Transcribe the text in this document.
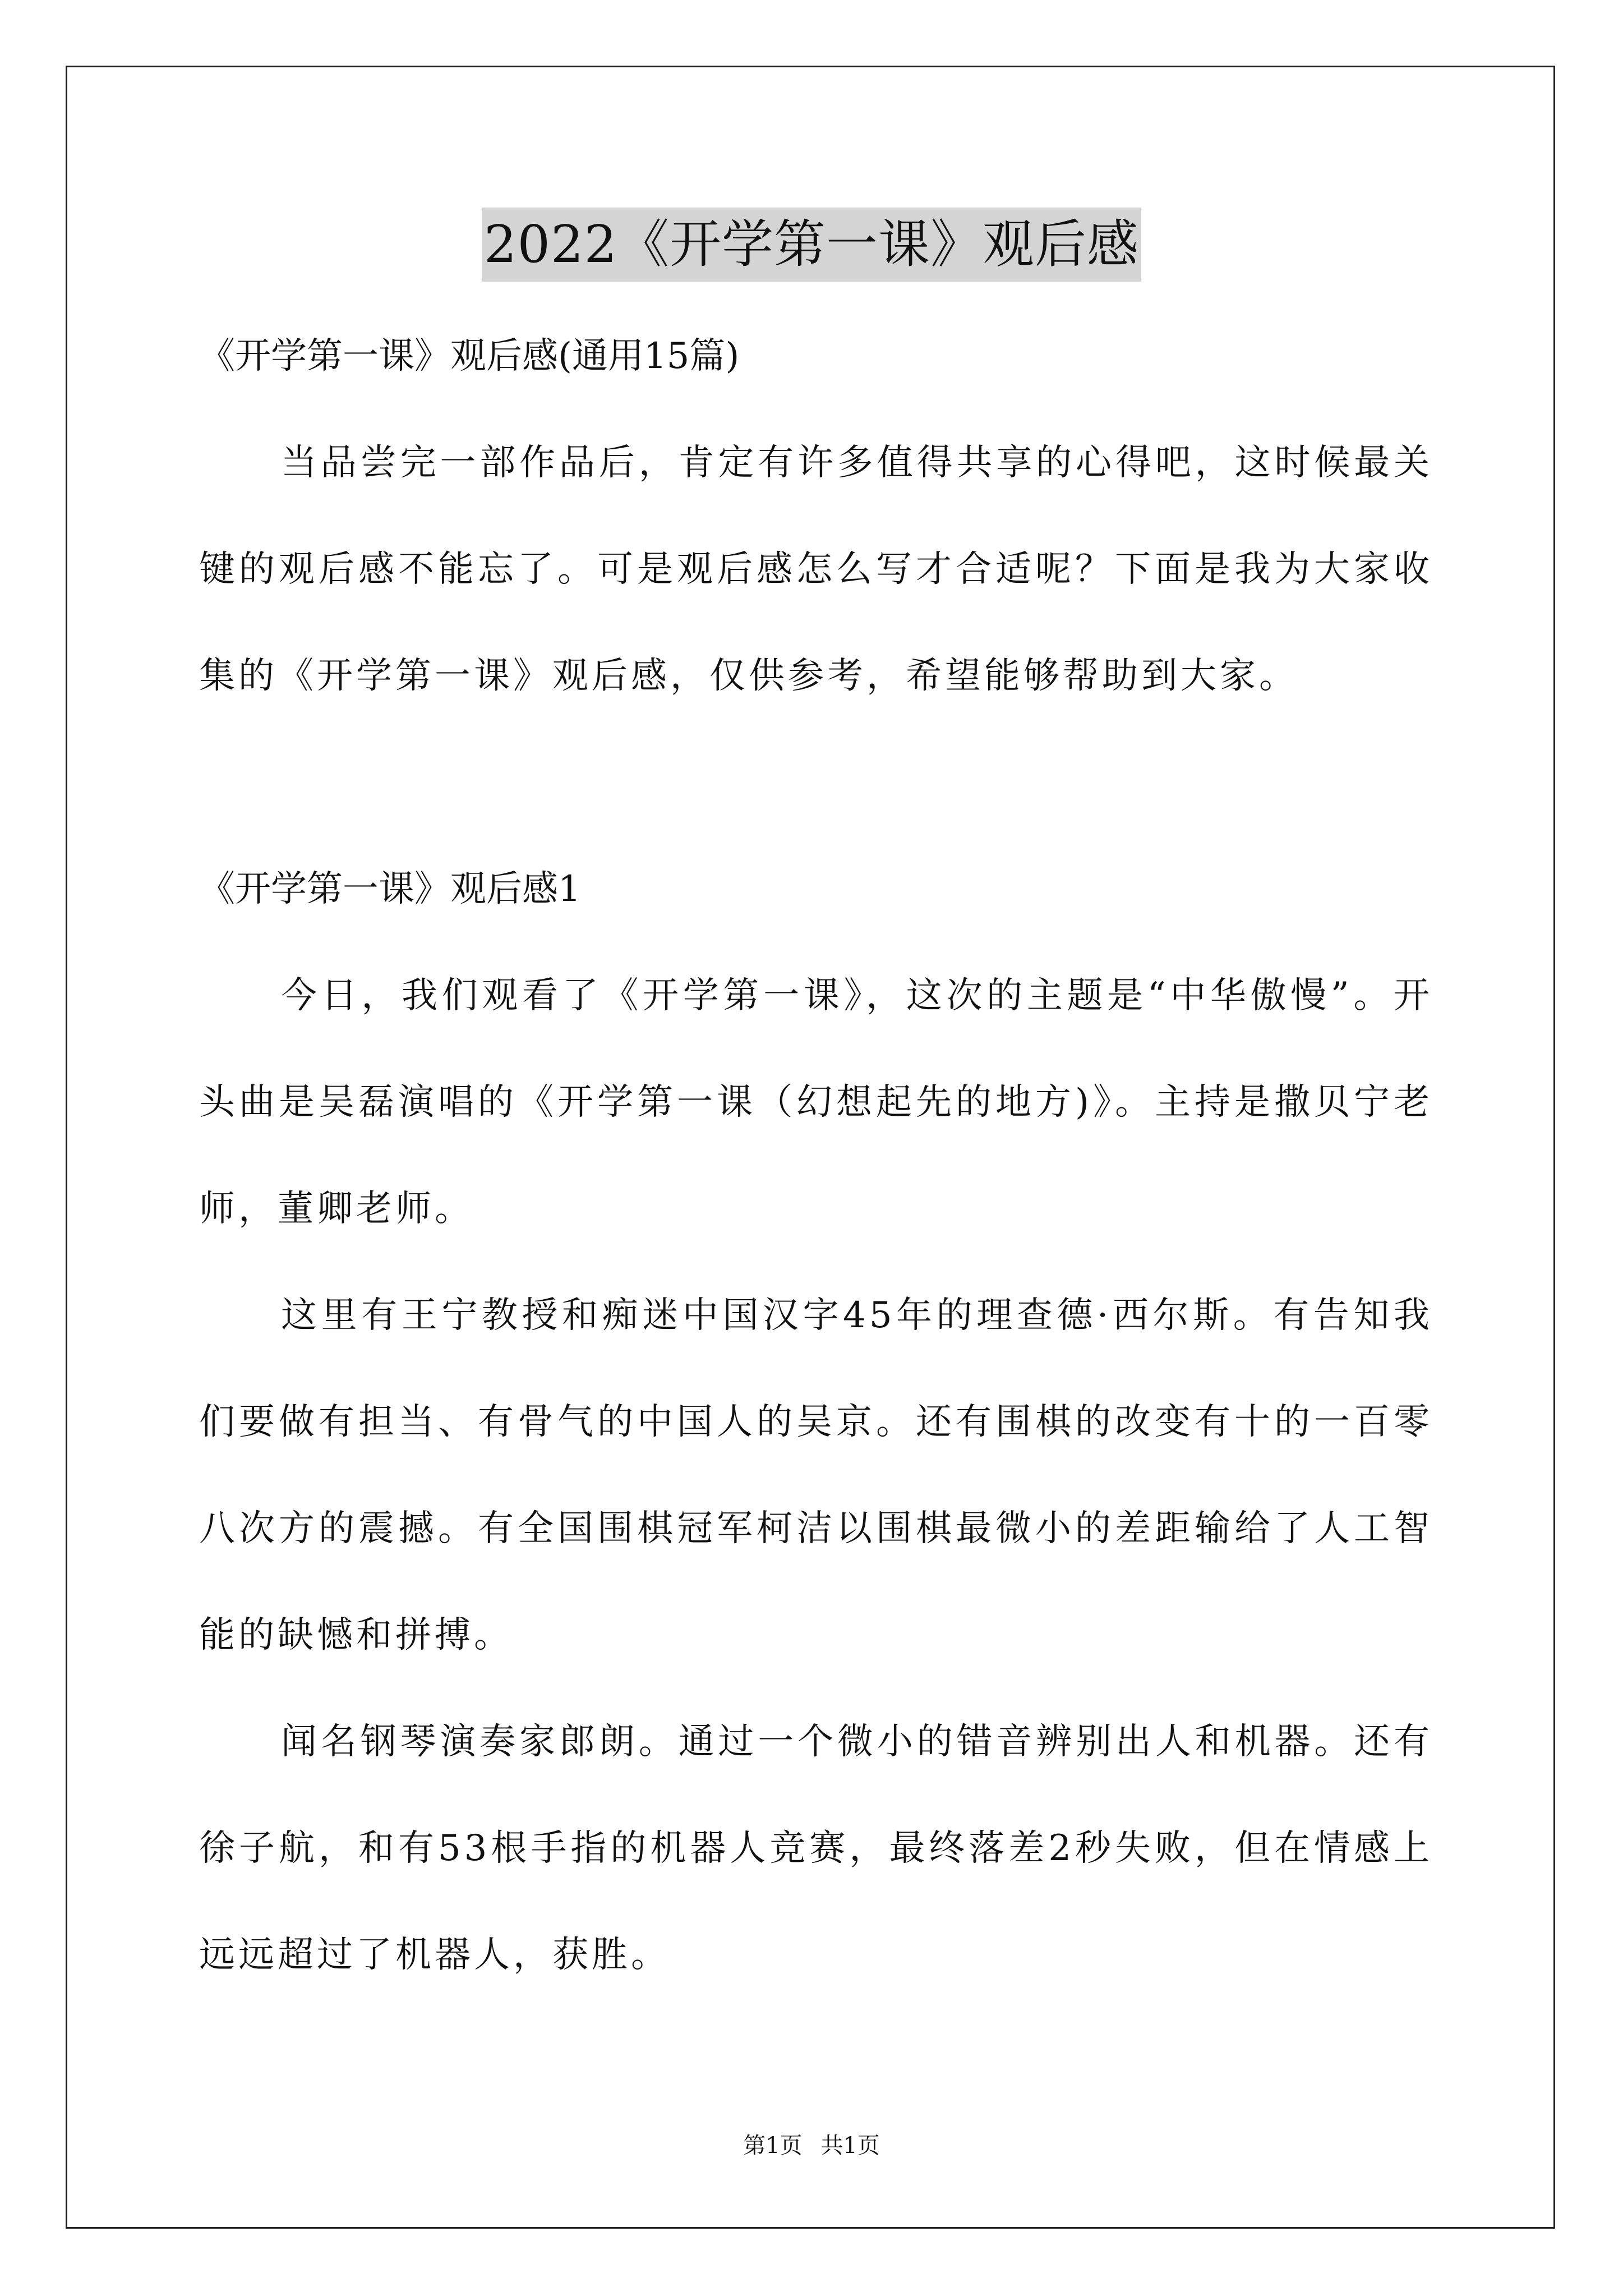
2022《开学第一课》观后感

《开学第一课》观后感(通用15篇)

当品尝完一部作品后，肯定有许多值得共享的心得吧，这时候最关键的观后感不能忘了。可是观后感怎么写才合适呢？下面是我为大家收集的《开学第一课》观后感，仅供参考，希望能够帮助到大家。

《开学第一课》观后感1

今日，我们观看了《开学第一课》，这次的主题是“中华傲慢”。开头曲是吴磊演唱的《开学第一课（幻想起先的地方)》。主持是撒贝宁老师，董卿老师。

这里有王宁教授和痴迷中国汉字45年的理查德·西尔斯。有告知我们要做有担当、有骨气的中国人的吴京。还有围棋的改变有十的一百零八次方的震撼。有全国围棋冠军柯洁以围棋最微小的差距输给了人工智能的缺憾和拼搏。

闻名钢琴演奏家郎朗。通过一个微小的错音辨别出人和机器。还有徐子航，和有53根手指的机器人竞赛，最终落差2秒失败，但在情感上远远超过了机器人，获胜。

第1页 共1页
